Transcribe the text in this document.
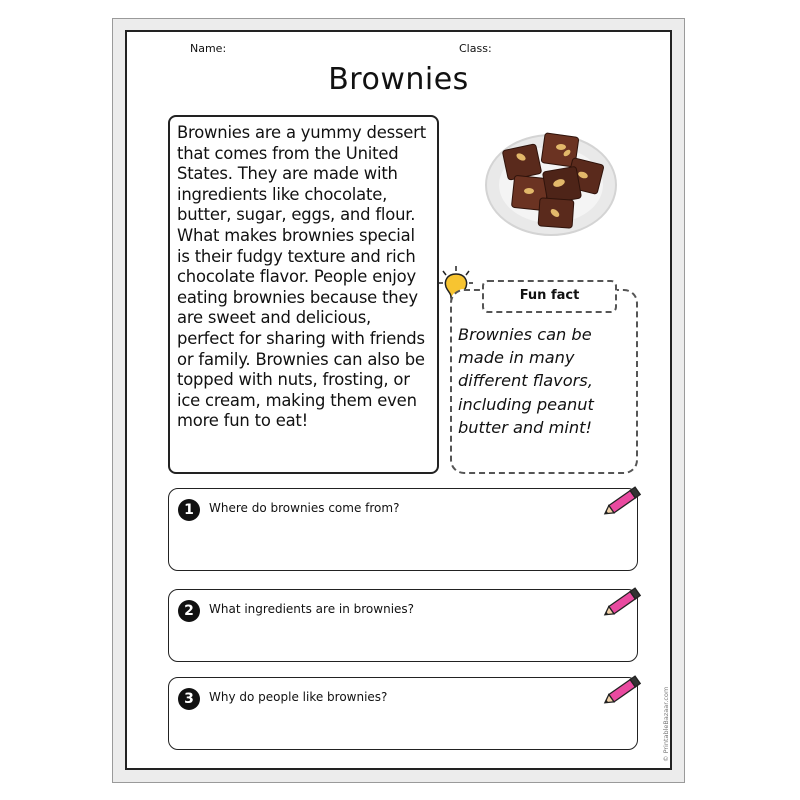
Name:	Class:
Brownies
Brownies are a yummy dessert that comes from the United States. They are made with ingredients like chocolate, butter, sugar, eggs, and flour. What makes brownies special is their fudgy texture and rich chocolate flavor. People enjoy eating brownies because they are sweet and delicious, perfect for sharing with friends or family. Brownies can also be topped with nuts, frosting, or ice cream, making them even more fun to eat!
Fun fact
Brownies can be made in many different flavors, including peanut butter and mint!
1	Where do brownies come from?
2	What ingredients are in brownies?
3	Why do people like brownies?	© PrintableBazaar.com
